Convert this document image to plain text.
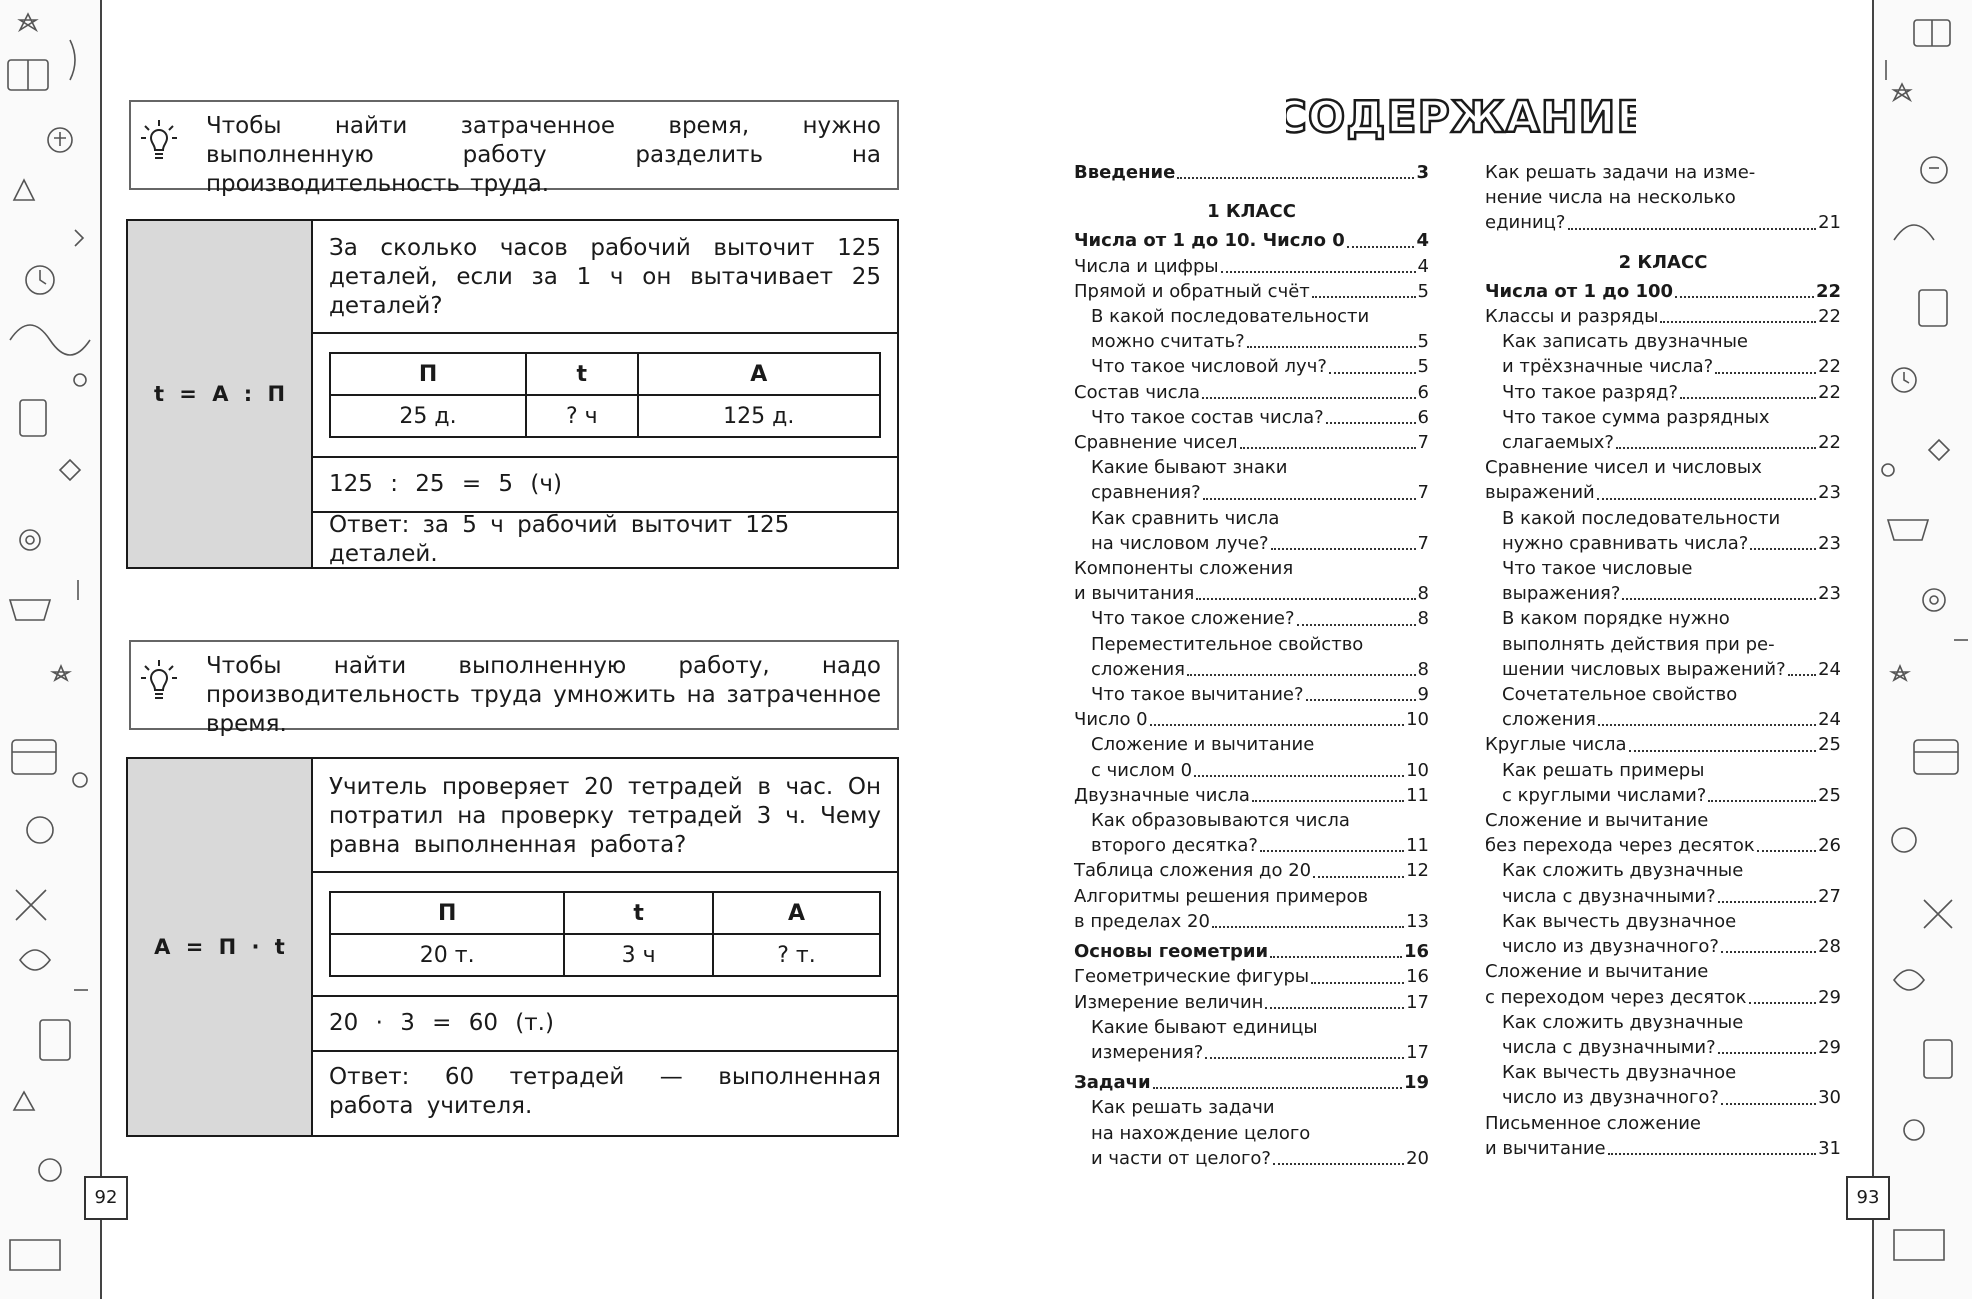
92	93
Чтобы найти затраченное время, нужно выполненную работу разделить на производительность труда.
t = A : П
За сколько часов рабочий выточит 125 деталей, если за 1 ч он вытачивает 25 деталей?
П	t	A
25 д.	? ч	125 д.
125 : 25 = 5 (ч)
Ответ: за 5 ч рабочий выточит 125 деталей.
Чтобы найти выполненную работу, надо производительность труда умножить на затраченное время.
A = П · t
Учитель проверяет 20 тетрадей в час. Он потратил на проверку тетрадей 3 ч. Чему равна выполненная работа?
П	t	A
20 т.	3 ч	? т.
20 · 3 = 60 (т.)
Ответ: 60 тетрадей — выполненная работа учителя.
СОДЕРЖАНИЕ
Введение	3
1 КЛАСС
Числа от 1 до 10. Число 0	4
Числа и цифры	4
Прямой и обратный счёт	5
В какой последовательности
можно считать?	5
Что такое числовой луч?	5
Состав числа	6
Что такое состав числа?	6
Сравнение чисел	7
Какие бывают знаки
сравнения?	7
Как сравнить числа
на числовом луче?	7
Компоненты сложения
и вычитания	8
Что такое сложение?	8
Переместительное свойство
сложения	8
Что такое вычитание?	9
Число 0	10
Сложение и вычитание
с числом 0	10
Двузначные числа	11
Как образовываются числа
второго десятка?	11
Таблица сложения до 20	12
Алгоритмы решения примеров
в пределах 20	13
Основы геометрии	16
Геометрические фигуры	16
Измерение величин	17
Какие бывают единицы
измерения?	17
Задачи	19
Как решать задачи
на нахождение целого
и части от целого?	20
Как решать задачи на изме-
нение числа на несколько
единиц?	21
2 КЛАСС
Числа от 1 до 100	22
Классы и разряды	22
Как записать двузначные
и трёхзначные числа?	22
Что такое разряд?	22
Что такое сумма разрядных
слагаемых?	22
Сравнение чисел и числовых
выражений	23
В какой последовательности
нужно сравнивать числа?	23
Что такое числовые
выражения?	23
В каком порядке нужно
выполнять действия при ре-
шении числовых выражений? 24
Сочетательное свойство
сложения	24
Круглые числа	25
Как решать примеры
с круглыми числами?	25
Сложение и вычитание
без перехода через десяток	26
Как сложить двузначные
числа с двузначными?	27
Как вычесть двузначное
число из двузначного?	28
Сложение и вычитание
с переходом через десяток	29
Как сложить двузначные
числа с двузначными?	29
Как вычесть двузначное
число из двузначного?	30
Письменное сложение
и вычитание	31
